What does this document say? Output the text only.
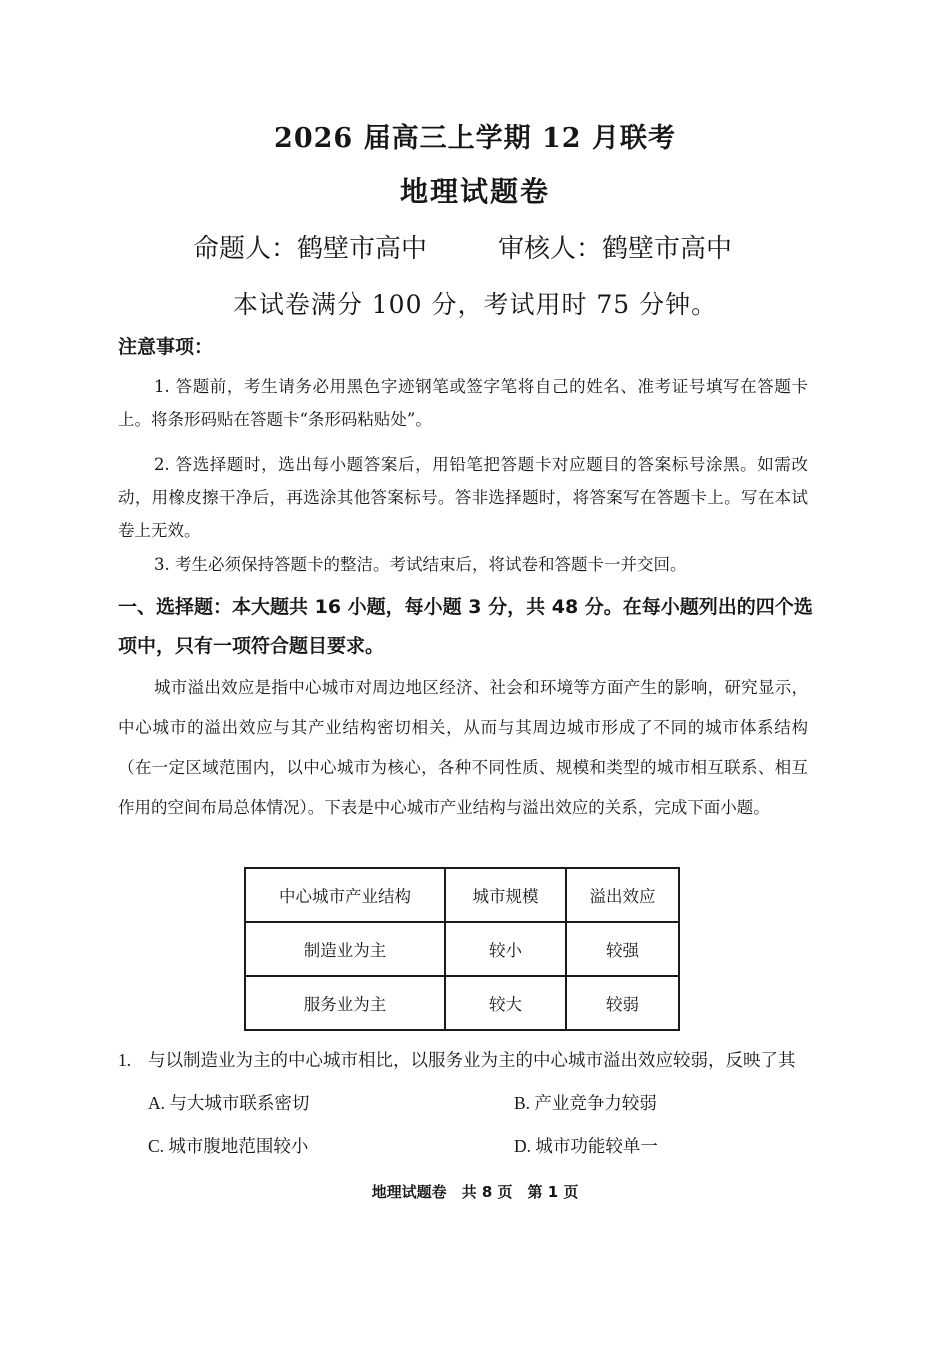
2026 届高三上学期 12 月联考
地理试题卷
命题人：鹤壁市高中	审核人：鹤壁市高中
本试卷满分 100 分，考试用时 75 分钟。
注意事项：
1. 答题前，考生请务必用黑色字迹钢笔或签字笔将自己的姓名、准考证号填写在答题卡上。将条形码贴在答题卡“条形码粘贴处”。
2. 答选择题时，选出每小题答案后，用铅笔把答题卡对应题目的答案标号涂黑。如需改动，用橡皮擦干净后，再选涂其他答案标号。答非选择题时，将答案写在答题卡上。写在本试卷上无效。
3. 考生必须保持答题卡的整洁。考试结束后，将试卷和答题卡一并交回。
一、选择题：本大题共 16 小题，每小题 3 分，共 48 分。在每小题列出的四个选项中，只有一项符合题目要求。
城市溢出效应是指中心城市对周边地区经济、社会和环境等方面产生的影响，研究显示，中心城市的溢出效应与其产业结构密切相关，从而与其周边城市形成了不同的城市体系结构（在一定区域范围内，以中心城市为核心，各种不同性质、规模和类型的城市相互联系、相互作用的空间布局总体情况）。下表是中心城市产业结构与溢出效应的关系，完成下面小题。
中心城市产业结构	城市规模	溢出效应
制造业为主	较小	较强
服务业为主	较大	较弱
1. 与以制造业为主的中心城市相比，以服务业为主的中心城市溢出效应较弱，反映了其
A. 与大城市联系密切	B. 产业竞争力较弱
C. 城市腹地范围较小	D. 城市功能较单一
地理试题卷　共 8 页　第 1 页
